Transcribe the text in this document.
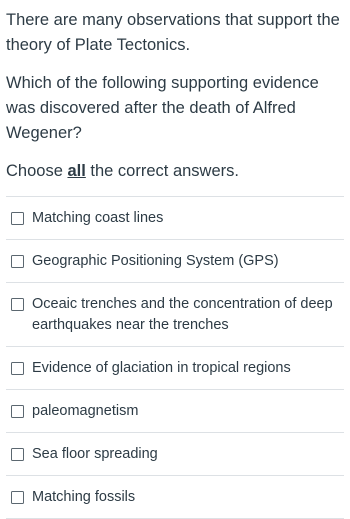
There are many observations that support the theory of Plate Tectonics.

Which of the following supporting evidence was discovered after the death of Alfred Wegener?

Choose all the correct answers.

Matching coast lines
Geographic Positioning System (GPS)
Oceaic trenches and the concentration of deep earthquakes near the trenches
Evidence of glaciation in tropical regions
paleomagnetism
Sea floor spreading
Matching fossils
